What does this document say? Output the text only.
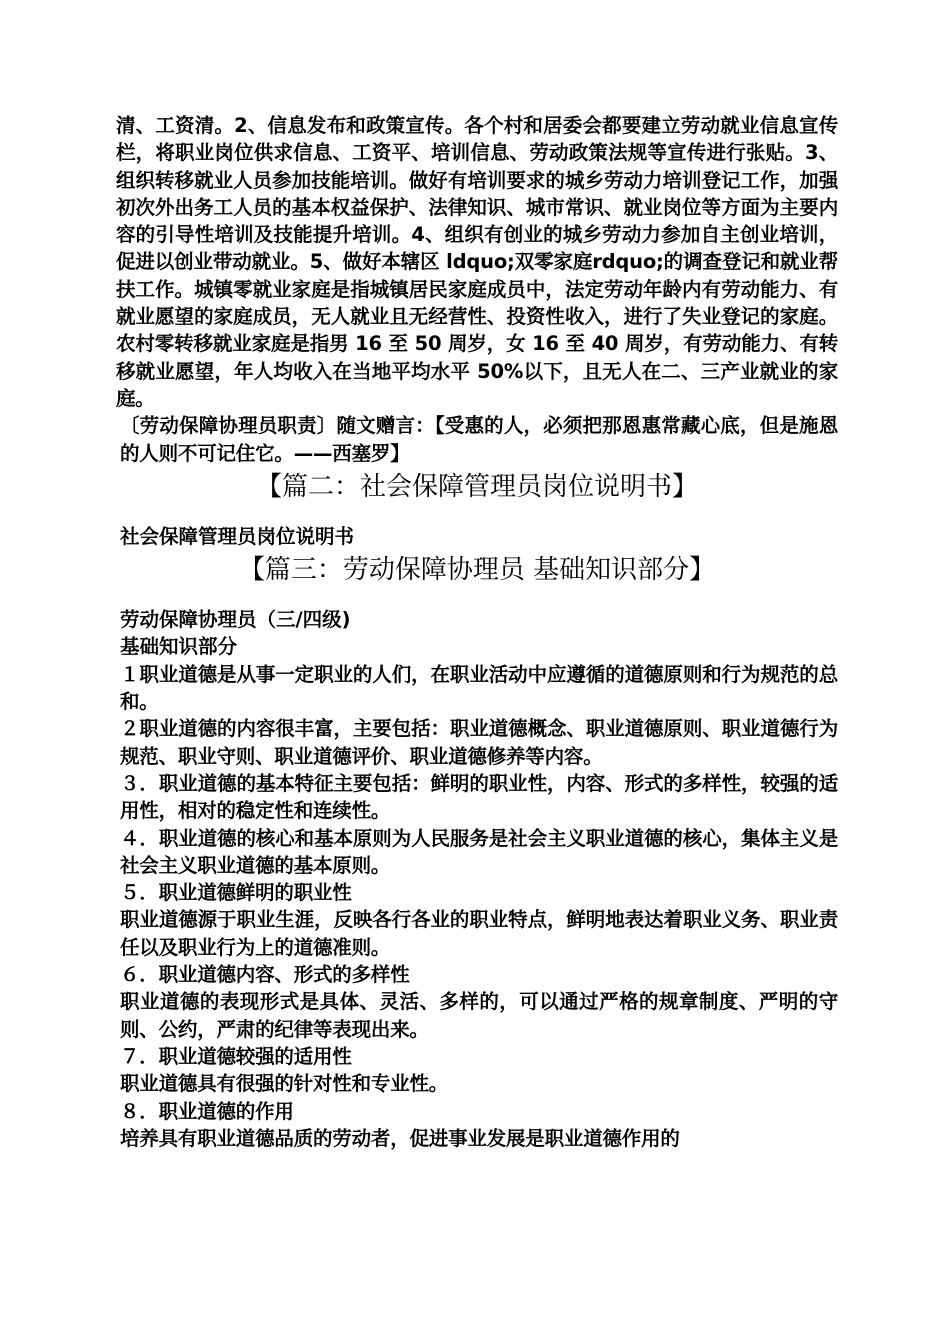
清、工资清。2、信息发布和政策宣传。各个村和居委会都要建立劳动就业信息宣传栏，将职业岗位供求信息、工资平、培训信息、劳动政策法规等宣传进行张贴。3、组织转移就业人员参加技能培训。做好有培训要求的城乡劳动力培训登记工作，加强初次外出务工人员的基本权益保护、法律知识、城市常识、就业岗位等方面为主要内容的引导性培训及技能提升培训。4、组织有创业的城乡劳动力参加自主创业培训，促进以创业带动就业。5、做好本辖区 ldquo;双零家庭rdquo;的调查登记和就业帮扶工作。城镇零就业家庭是指城镇居民家庭成员中，法定劳动年龄内有劳动能力、有就业愿望的家庭成员，无人就业且无经营性、投资性收入，进行了失业登记的家庭。农村零转移就业家庭是指男 16 至 50 周岁，女 16 至 40 周岁，有劳动能力、有转移就业愿望，年人均收入在当地平均水平 50%以下，且无人在二、三产业就业的家庭。

〔劳动保障协理员职责〕随文赠言：【受惠的人，必须把那恩惠常藏心底，但是施恩的人则不可记住它。——西塞罗】

【篇二：社会保障管理员岗位说明书】

社会保障管理员岗位说明书

【篇三：劳动保障协理员 基础知识部分】

劳动保障协理员（三/四级)

基础知识部分

１职业道德是从事一定职业的人们，在职业活动中应遵循的道德原则和行为规范的总和。

２职业道德的内容很丰富，主要包括：职业道德概念、职业道德原则、职业道德行为规范、职业守则、职业道德评价、职业道德修养等内容。

３．职业道德的基本特征主要包括：鲜明的职业性，内容、形式的多样性，较强的适用性，相对的稳定性和连续性。

４．职业道德的核心和基本原则为人民服务是社会主义职业道德的核心，集体主义是社会主义职业道德的基本原则。

５．职业道德鲜明的职业性

职业道德源于职业生涯，反映各行各业的职业特点，鲜明地表达着职业义务、职业责任以及职业行为上的道德准则。

６．职业道德内容、形式的多样性

职业道德的表现形式是具体、灵活、多样的，可以通过严格的规章制度、严明的守则、公约，严肃的纪律等表现出来。

７．职业道德较强的适用性

职业道德具有很强的针对性和专业性。

８．职业道德的作用

培养具有职业道德品质的劳动者，促进事业发展是职业道德作用的
